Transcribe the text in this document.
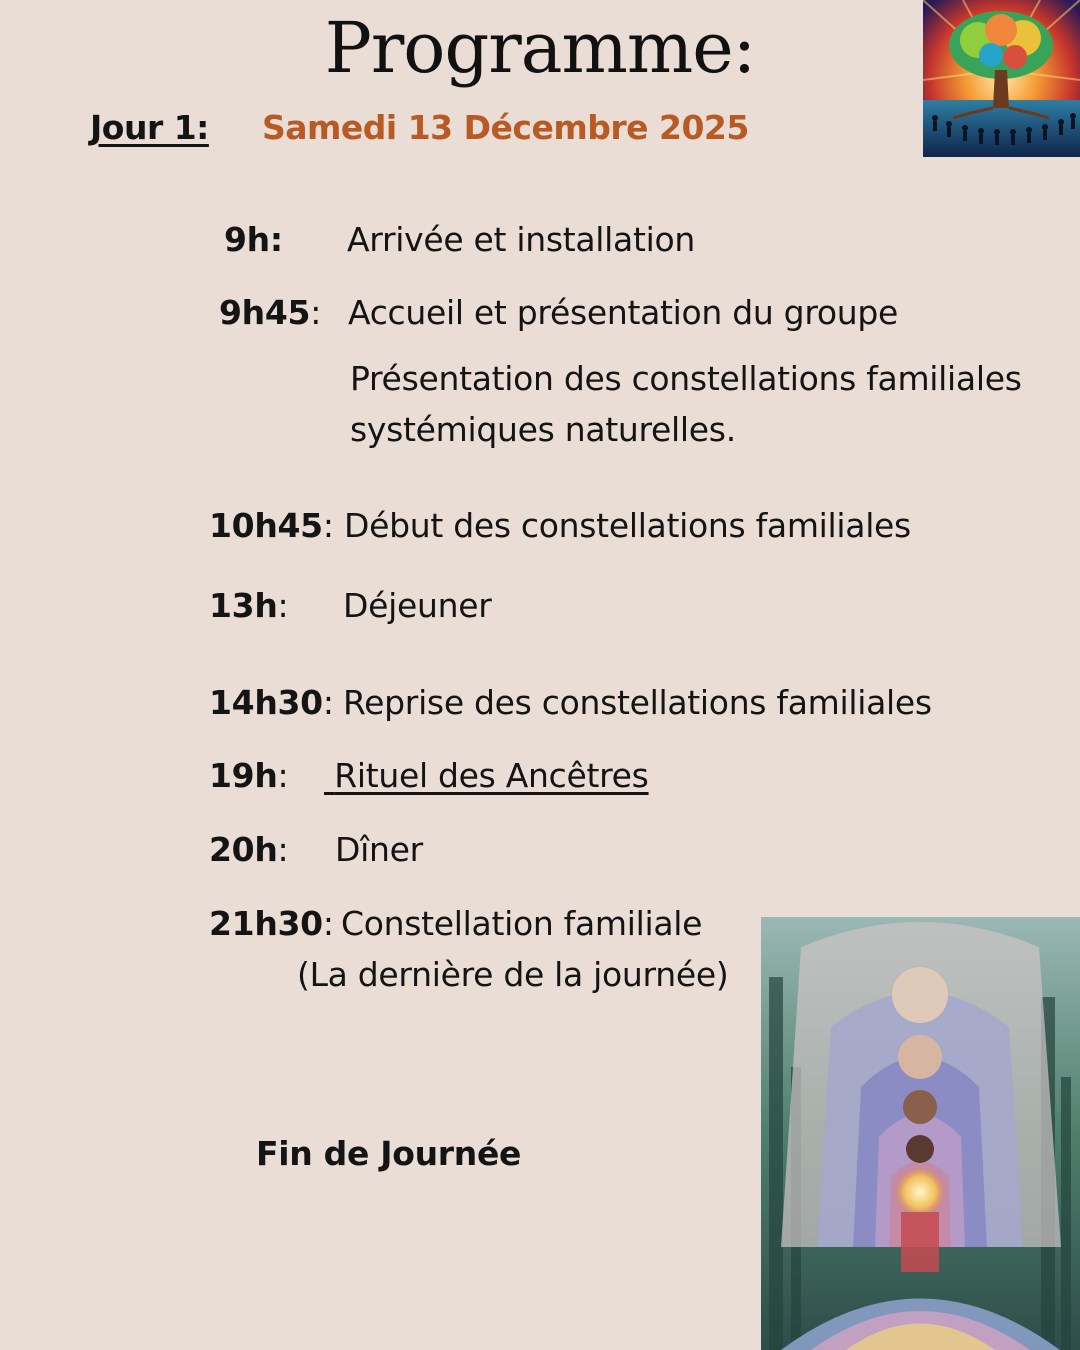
Programme:
Jour 1: Samedi 13 Décembre 2025
9h: Arrivée et installation
9h45: Accueil et présentation du groupe
Présentation des constellations familiales
systémiques naturelles.
10h45: Début des constellations familiales
13h: Déjeuner
14h30: Reprise des constellations familiales
19h:	Rituel des Ancêtres
20h: Dîner
21h30: Constellation familiale
(La dernière de la journée)
Fin de Journée
